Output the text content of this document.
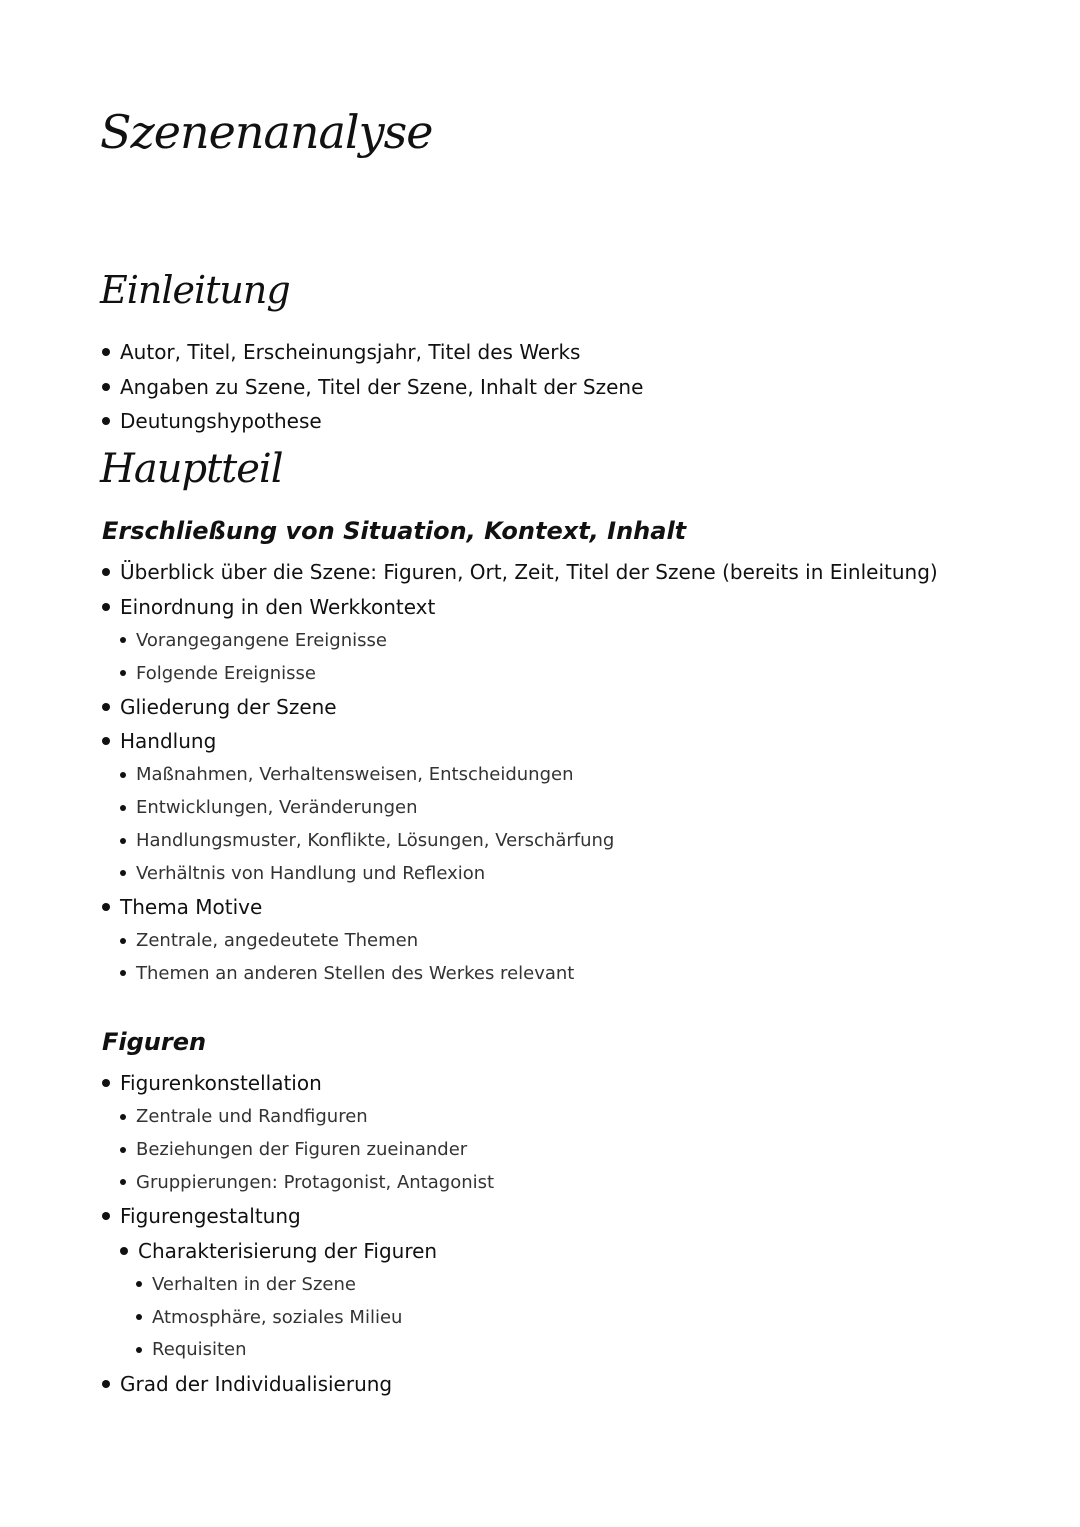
Szenenanalyse
Einleitung
Autor, Titel, Erscheinungsjahr, Titel des Werks
Angaben zu Szene, Titel der Szene, Inhalt der Szene
Deutungshypothese
Hauptteil
Erschließung von Situation, Kontext, Inhalt
Überblick über die Szene: Figuren, Ort, Zeit, Titel der Szene (bereits in Einleitung)
Einordnung in den Werkkontext
Vorangegangene Ereignisse
Folgende Ereignisse
Gliederung der Szene
Handlung
Maßnahmen, Verhaltensweisen, Entscheidungen
Entwicklungen, Veränderungen
Handlungsmuster, Konflikte, Lösungen, Verschärfung
Verhältnis von Handlung und Reflexion
Thema Motive
Zentrale, angedeutete Themen
Themen an anderen Stellen des Werkes relevant
Figuren
Figurenkonstellation
Zentrale und Randfiguren
Beziehungen der Figuren zueinander
Gruppierungen: Protagonist, Antagonist
Figurengestaltung
Charakterisierung der Figuren
Verhalten in der Szene
Atmosphäre, soziales Milieu
Requisiten
Grad der Individualisierung
